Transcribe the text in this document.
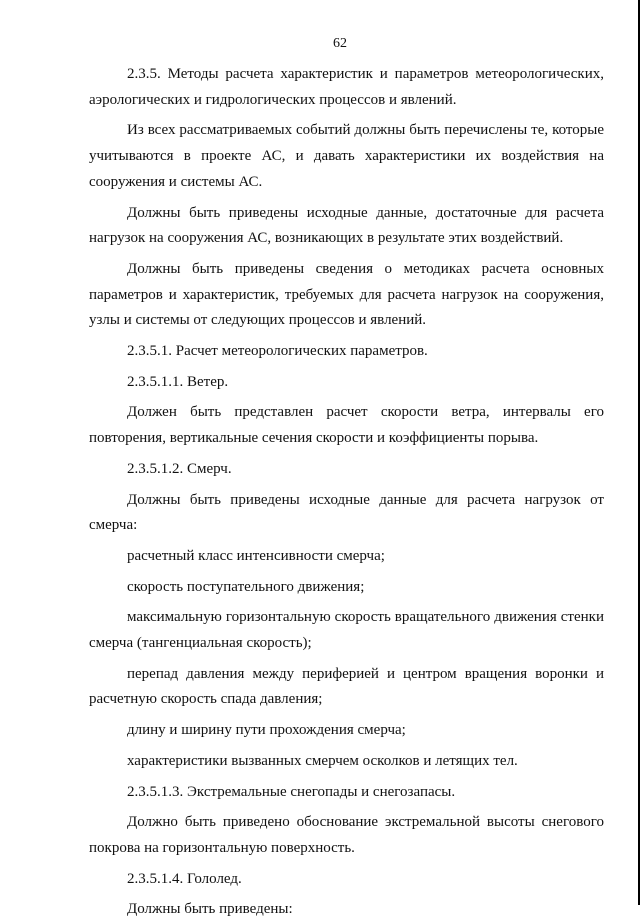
62

2.3.5. Методы расчета характеристик и параметров метеорологических, аэрологических и гидрологических процессов и явлений.

Из всех рассматриваемых событий должны быть перечислены те, которые учитываются в проекте АС, и давать характеристики их воздействия на сооружения и системы АС.

Должны быть приведены исходные данные, достаточные для расчета нагрузок на сооружения АС, возникающих в результате этих воздействий.

Должны быть приведены сведения о методиках расчета основных параметров и характеристик, требуемых для расчета нагрузок на сооружения, узлы и системы от следующих процессов и явлений.

2.3.5.1. Расчет метеорологических параметров.

2.3.5.1.1. Ветер.

Должен быть представлен расчет скорости ветра, интервалы его повторения, вертикальные сечения скорости и коэффициенты порыва.

2.3.5.1.2. Смерч.

Должны быть приведены исходные данные для расчета нагрузок от смерча:

расчетный класс интенсивности смерча;

скорость поступательного движения;

максимальную горизонтальную скорость вращательного движения стенки смерча (тангенциальная скорость);

перепад давления между периферией и центром вращения воронки и расчетную скорость спада давления;

длину и ширину пути прохождения смерча;

характеристики вызванных смерчем осколков и летящих тел.

2.3.5.1.3. Экстремальные снегопады и снегозапасы.

Должно быть приведено обоснование экстремальной высоты снегового покрова на горизонтальную поверхность.

2.3.5.1.4. Гололед.

Должны быть приведены:
